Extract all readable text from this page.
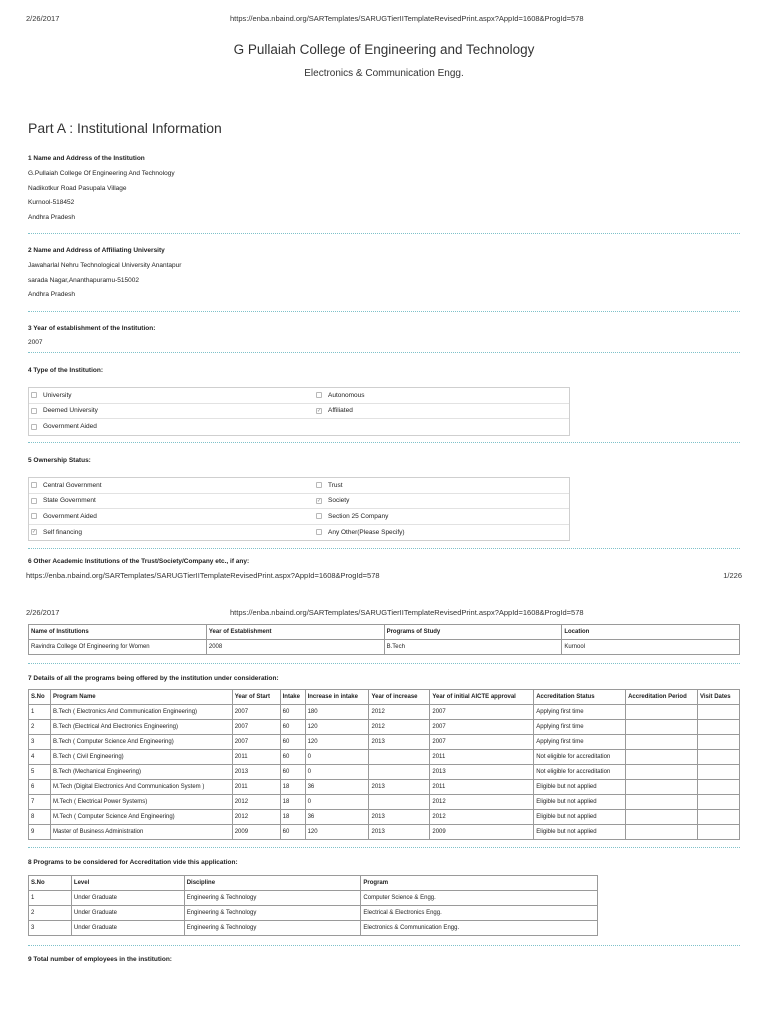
2/26/2017	https://enba.nbaind.org/SARTemplates/SARUGTierIITemplateRevisedPrint.aspx?AppId=1608&ProgId=578
G Pullaiah College of Engineering and Technology
Electronics & Communication Engg.
Part A : Institutional Information
1 Name and Address of the Institution
G.Pullaiah College Of Engineering And Technology
Nadikotkur Road Pasupala Village
Kurnool-518452
Andhra Pradesh
2 Name and Address of Affiliating University
Jawaharlal Nehru Technological University Anantapur
sarada Nagar,Ananthapuramu-515002
Andhra Pradesh
3 Year of establishment of the Institution:
2007
4 Type of the Institution:
University	Autonomous
Deemed University	✓ Affiliated
Government Aided
5 Ownership Status:
Central Government	Trust
State Government	✓ Society
Government Aided	Section 25 Company
✓ Self financing	Any Other(Please Specify)
6 Other Academic Institutions of the Trust/Society/Company etc., if any:
https://enba.nbaind.org/SARTemplates/SARUGTierIITemplateRevisedPrint.aspx?AppId=1608&ProgId=578	1/226
2/26/2017	https://enba.nbaind.org/SARTemplates/SARUGTierIITemplateRevisedPrint.aspx?AppId=1608&ProgId=578
Name of Institutions	Year of Establishment	Programs of Study	Location
Ravindra College Of Engineering for Women	2008	B.Tech	Kurnool
7 Details of all the programs being offered by the institution under consideration:
S.No	Program Name	Year of Start	Intake	Increase in intake	Year of increase	Year of initial AICTE approval	Accreditation Status	Accreditation Period	Visit Dates
1	B.Tech ( Electronics And Communication Engineering)	2007	60	180	2012	2007	Applying first time		
2	B.Tech (Electrical And Electronics Engineering)	2007	60	120	2012	2007	Applying first time		
3	B.Tech ( Computer Science And Engineering)	2007	60	120	2013	2007	Applying first time		
4	B.Tech ( Civil Engineering)	2011	60	0		2011	Not eligible for accreditation		
5	B.Tech (Mechanical Engineering)	2013	60	0		2013	Not eligible for accreditation		
6	M.Tech (Digital Electronics And Communication System )	2011	18	36	2013	2011	Eligible but not applied		
7	M.Tech ( Electrical Power Systems)	2012	18	0		2012	Eligible but not applied		
8	M.Tech ( Computer Science And Engineering)	2012	18	36	2013	2012	Eligible but not applied		
9	Master of Business Administration	2009	60	120	2013	2009	Eligible but not applied		
8 Programs to be considered for Accreditation vide this application:
S.No	Level	Discipline	Program
1	Under Graduate	Engineering & Technology	Computer Science & Engg.
2	Under Graduate	Engineering & Technology	Electrical & Electronics Engg.
3	Under Graduate	Engineering & Technology	Electronics & Communication Engg.
9 Total number of employees in the institution:
